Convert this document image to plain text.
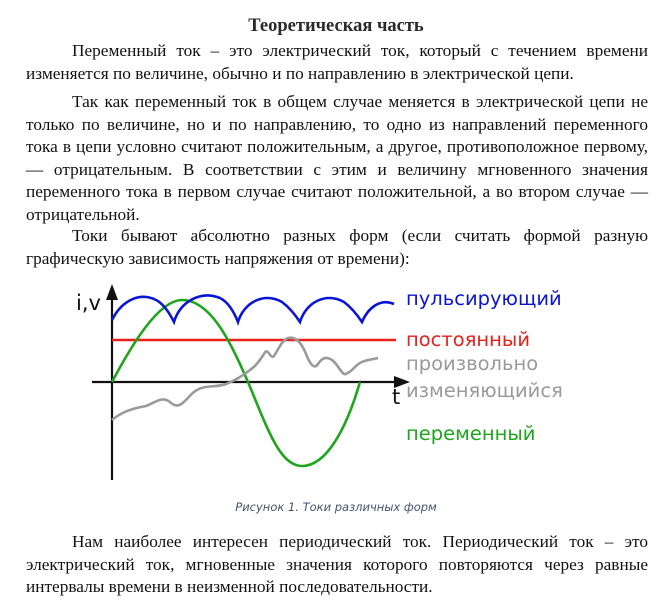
Теоретическая часть
Переменный ток – это электрический ток, который с течением времени изменяется по величине, обычно и по направлению в электрической цепи.
Так как переменный ток в общем случае меняется в электрической цепи не только по величине, но и по направлению, то одно из направлений переменного тока в цепи условно считают положительным, а другое, противоположное первому, — отрицательным. В соответствии с этим и величину мгновенного значения переменного тока в первом случае считают положительной, а во втором случае — отрицательной.
Токи бывают абсолютно разных форм (если считать формой разную графическую зависимость напряжения от времени):
i,v
t
пульсирующий
постоянный
произвольно
изменяющийся
переменный
Рисунок 1. Токи различных форм
Нам наиболее интересен периодический ток. Периодический ток – это электрический ток, мгновенные значения которого повторяются через равные интервалы времени в неизменной последовательности.
